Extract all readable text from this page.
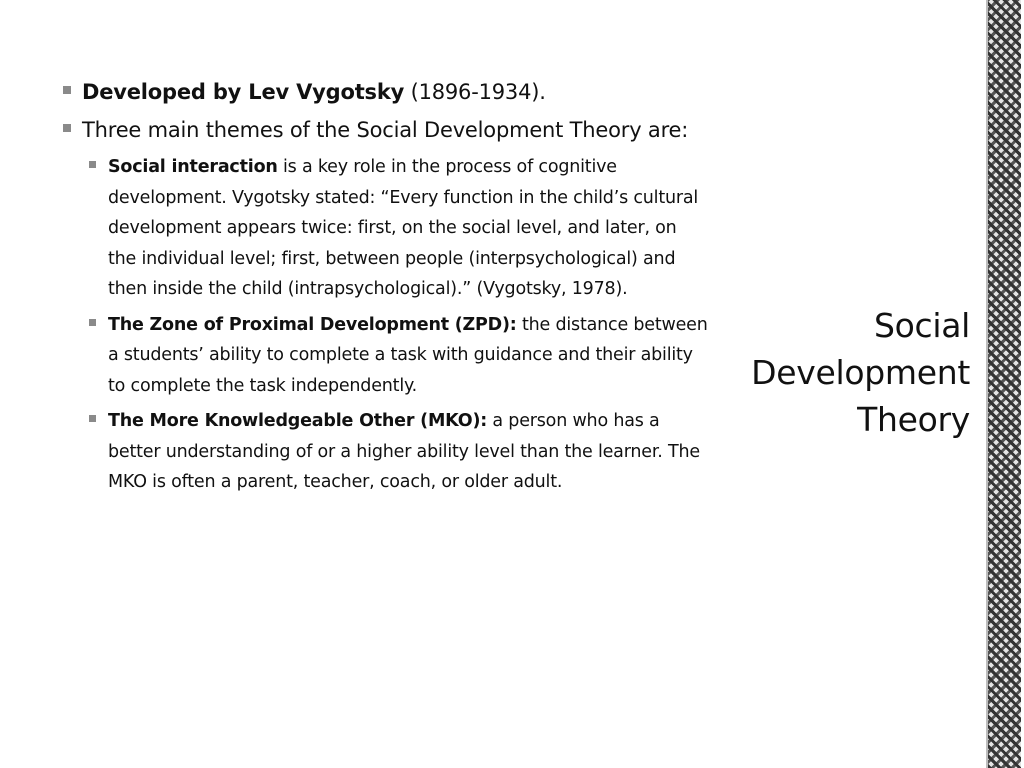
Developed by Lev Vygotsky (1896-1934).
Three main themes of the Social Development Theory are:
Social interaction is a key role in the process of cognitive development. Vygotsky stated: “Every function in the child’s cultural development appears twice: first, on the social level, and later, on the individual level; first, between people (interpsychological) and then inside the child (intrapsychological).” (Vygotsky, 1978).
The Zone of Proximal Development (ZPD): the distance between a students’ ability to complete a task with guidance and their ability to complete the task independently.
The More Knowledgeable Other (MKO): a person who has a better understanding of or a higher ability level than the learner. The MKO is often a parent, teacher, coach, or older adult.
Social
Development
Theory
